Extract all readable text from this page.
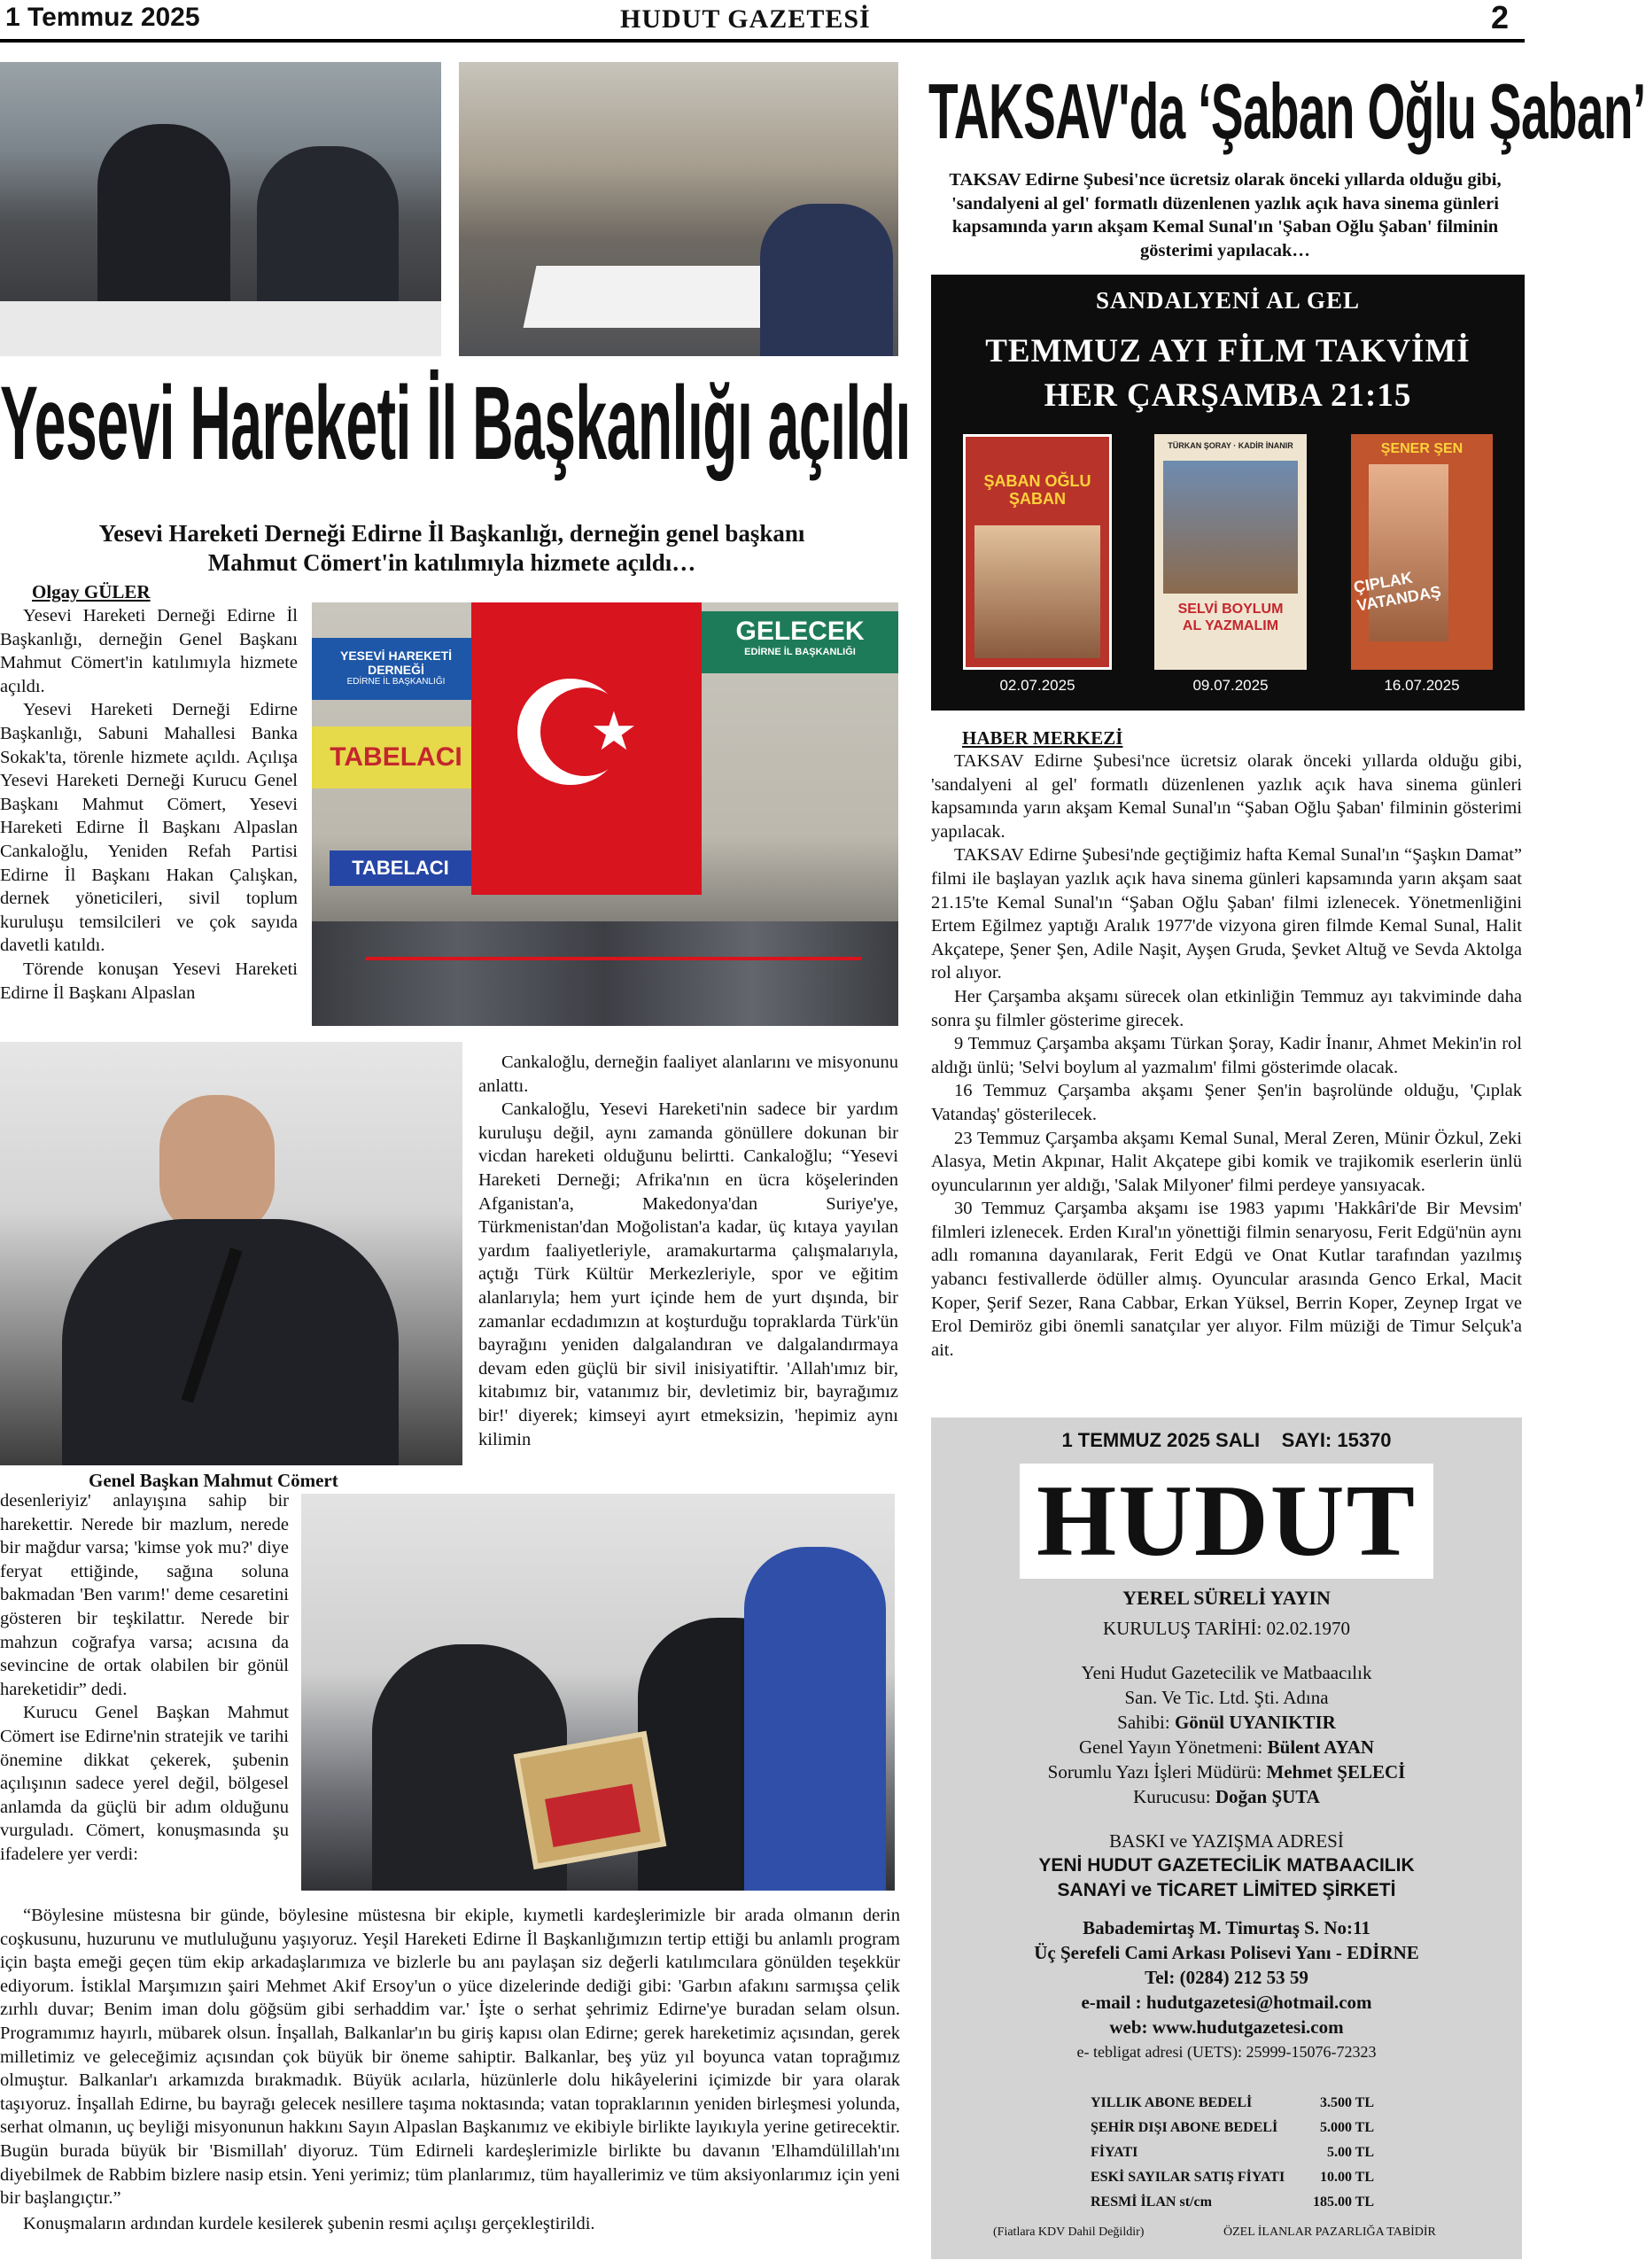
1 Temmuz 2025	HUDUT GAZETESİ	2
Yesevi Hareketi İl Başkanlığı açıldı
Yesevi Hareketi Derneği Edirne İl Başkanlığı, derneğin genel başkanı Mahmut Cömert'in katılımıyla hizmete açıldı…
Olgay GÜLER

Yesevi Hareketi Derneği Edirne İl Başkanlığı, derneğin Genel Başkanı Mahmut Cömert'in katılımıyla hizmete açıldı.

Yesevi Hareketi Derneği Edirne Başkanlığı, Sabuni Mahallesi Banka Sokak'ta, törenle hizmete açıldı. Açılışa Yesevi Hareketi Derneği Kurucu Genel Başkanı Mahmut Cömert, Yesevi Hareketi Edirne İl Başkanı Alpaslan Cankaloğlu, Yeniden Refah Partisi Edirne İl Başkanı Hakan Çalışkan, dernek yöneticileri, sivil toplum kuruluşu temsilcileri ve çok sayıda davetli katıldı.

Törende konuşan Yesevi Hareketi Edirne İl Başkanı Alpaslan

YESEVİ HAREKETİ DERNEĞİ
EDİRNE İL BAŞKANLIĞI
GELECEK
EDİRNE İL BAŞKANLIĞI
TABELACI
TABELACI
★
Genel Başkan Mahmut Cömert

Cankaloğlu, derneğin faaliyet alanlarını ve misyonunu anlattı.

Cankaloğlu, Yesevi Hareketi'nin sadece bir yardım kuruluşu değil, aynı zamanda gönüllere dokunan bir vicdan hareketi olduğunu belirtti. Cankaloğlu; “Yesevi Hareketi Derneği; Afrika'nın en ücra köşelerinden Afganistan'a, Makedonya'dan Suriye'ye, Türkmenistan'dan Moğolistan'a kadar, üç kıtaya yayılan yardım faaliyetleriyle, aramakurtarma çalışmalarıyla, açtığı Türk Kültür Merkezleriyle, spor ve eğitim alanlarıyla; hem yurt içinde hem de yurt dışında, bir zamanlar ecdadımızın at koşturduğu topraklarda Türk'ün bayrağını yeniden dalgalandıran ve dalgalandırmaya devam eden güçlü bir sivil inisiyatiftir. 'Allah'ımız bir, kitabımız bir, vatanımız bir, devletimiz bir, bayrağımız bir!' diyerek; kimseyi ayırt etmeksizin, 'hepimiz aynı kilimin

desenleriyiz' anlayışına sahip bir harekettir. Nerede bir mazlum, nerede bir mağdur varsa; 'kimse yok mu?' diye feryat ettiğinde, sağına soluna bakmadan 'Ben varım!' deme cesaretini gösteren bir teşkilattır. Nerede bir mahzun coğrafya varsa; acısına da sevincine de ortak olabilen bir gönül hareketidir” dedi.

Kurucu Genel Başkan Mahmut Cömert ise Edirne'nin stratejik ve tarihi önemine dikkat çekerek, şubenin açılışının sadece yerel değil, bölgesel anlamda da güçlü bir adım olduğunu vurguladı. Cömert, konuşmasında şu ifadelere yer verdi:

“Böylesine müstesna bir günde, böylesine müstesna bir ekiple, kıymetli kardeşlerimizle bir arada olmanın derin coşkusunu, huzurunu ve mutluluğunu yaşıyoruz. Yeşil Hareketi Edirne İl Başkanlığımızın tertip ettiği bu anlamlı program için başta emeği geçen tüm ekip arkadaşlarımıza ve bizlerle bu anı paylaşan siz değerli katılımcılara gönülden teşekkür ediyorum. İstiklal Marşımızın şairi Mehmet Akif Ersoy'un o yüce dizelerinde dediği gibi: 'Garbın afakını sarmışsa çelik zırhlı duvar; Benim iman dolu göğsüm gibi serhaddim var.' İşte o serhat şehrimiz Edirne'ye buradan selam olsun. Programımız hayırlı, mübarek olsun. İnşallah, Balkanlar'ın bu giriş kapısı olan Edirne; gerek hareketimiz açısından, gerek milletimiz ve geleceğimiz açısından çok büyük bir öneme sahiptir. Balkanlar, beş yüz yıl boyunca vatan toprağımız olmuştur. Balkanlar'ı arkamızda bırakmadık. Büyük acılarla, hüzünlerle dolu hikâyelerini içimizde bir yara olarak taşıyoruz. İnşallah Edirne, bu bayrağı gelecek nesillere taşıma noktasında; vatan topraklarının yeniden birleşmesi yolunda, serhat olmanın, uç beyliği misyonunun hakkını Sayın Alpaslan Başkanımız ve ekibiyle birlikte layıkıyla yerine getirecektir. Bugün burada büyük bir 'Bismillah' diyoruz. Tüm Edirneli kardeşlerimizle birlikte bu davanın 'Elhamdülillah'ını diyebilmek de Rabbim bizlere nasip etsin. Yeni yerimiz; tüm planlarımız, tüm hayallerimiz ve tüm aksiyonlarımız için yeni bir başlangıçtır.”

Konuşmaların ardından kurdele kesilerek şubenin resmi açılışı gerçekleştirildi.

TAKSAV'da ‘Şaban Oğlu Şaban’
TAKSAV Edirne Şubesi'nce ücretsiz olarak önceki yıllarda olduğu gibi, 'sandalyeni al gel' formatlı düzenlenen yazlık açık hava sinema günleri kapsamında yarın akşam Kemal Sunal'ın 'Şaban Oğlu Şaban' filminin gösterimi yapılacak…
SANDALYENİ AL GEL
TEMMUZ AYI FİLM TAKVİMİ
HER ÇARŞAMBA 21:15
ŞABAN OĞLU ŞABAN
TÜRKAN ŞORAY · KADİR İNANIR
SELVİ BOYLUM AL YAZMALIM
ŞENER ŞEN
ÇIPLAK VATANDAŞ
02.07.2025	09.07.2025	16.07.2025
HABER MERKEZİ

TAKSAV Edirne Şubesi'nce ücretsiz olarak önceki yıllarda olduğu gibi, 'sandalyeni al gel' formatlı düzenlenen yazlık açık hava sinema günleri kapsamında yarın akşam Kemal Sunal'ın “Şaban Oğlu Şaban' filminin gösterimi yapılacak.

TAKSAV Edirne Şubesi'nde geçtiğimiz hafta Kemal Sunal'ın “Şaşkın Damat” filmi ile başlayan yazlık açık hava sinema günleri kapsamında yarın akşam saat 21.15'te Kemal Sunal'ın “Şaban Oğlu Şaban' filmi izlenecek. Yönetmenliğini Ertem Eğilmez yaptığı Aralık 1977'de vizyona giren filmde Kemal Sunal, Halit Akçatepe, Şener Şen, Adile Naşit, Ayşen Gruda, Şevket Altuğ ve Sevda Aktolga rol alıyor.

Her Çarşamba akşamı sürecek olan etkinliğin Temmuz ayı takviminde daha sonra şu filmler gösterime girecek.

9 Temmuz Çarşamba akşamı Türkan Şoray, Kadir İnanır, Ahmet Mekin'in rol aldığı ünlü; 'Selvi boylum al yazmalım' filmi gösterimde olacak.

16 Temmuz Çarşamba akşamı Şener Şen'in başrolünde olduğu, 'Çıplak Vatandaş' gösterilecek.

23 Temmuz Çarşamba akşamı Kemal Sunal, Meral Zeren, Münir Özkul, Zeki Alasya, Metin Akpınar, Halit Akçatepe gibi komik ve trajikomik eserlerin ünlü oyuncularının yer aldığı, 'Salak Milyoner' filmi perdeye yansıyacak.

30 Temmuz Çarşamba akşamı ise 1983 yapımı 'Hakkâri'de Bir Mevsim' filmleri izlenecek. Erden Kıral'ın yönettiği filmin senaryosu, Ferit Edgü'nün aynı adlı romanına dayanılarak, Ferit Edgü ve Onat Kutlar tarafından yazılmış yabancı festivallerde ödüller almış. Oyuncular arasında Genco Erkal, Macit Koper, Şerif Sezer, Rana Cabbar, Erkan Yüksel, Berrin Koper, Zeynep Irgat ve Erol Demiröz gibi önemli sanatçılar yer alıyor. Film müziği de Timur Selçuk'a ait.

1 TEMMUZ 2025 SALI    SAYI: 15370
HUDUT

YEREL SÜRELİ YAYIN

KURULUŞ TARİHİ: 02.02.1970

Yeni Hudut Gazetecilik ve Matbaacılık

San. Ve Tic. Ltd. Şti. Adına

Sahibi: Gönül UYANIKTIR

Genel Yayın Yönetmeni: Bülent AYAN

Sorumlu Yazı İşleri Müdürü: Mehmet ŞELECİ

Kurucusu: Doğan ŞUTA

BASKI ve YAZIŞMA ADRESİ

YENİ HUDUT GAZETECİLİK MATBAACILIK

SANAYİ ve TİCARET LİMİTED ŞİRKETİ

Babademirtaş M. Timurtaş S. No:11

Üç Şerefeli Cami Arkası Polisevi Yanı - EDİRNE

Tel: (0284) 212 53 59

e-mail : hudutgazetesi@hotmail.com

web: www.hudutgazetesi.com

e- tebligat adresi (UETS): 25999-15076-72323

YILLIK ABONE BEDELİ	3.500 TL
ŞEHİR DIŞI ABONE BEDELİ	5.000 TL
FİYATI	5.00 TL
ESKİ SAYILAR SATIŞ FİYATI 10.00 TL
RESMİ İLAN st/cm	185.00 TL
(Fiatlara KDV Dahil Değildir)	ÖZEL İLANLAR PAZARLIĞA TABİDİR
